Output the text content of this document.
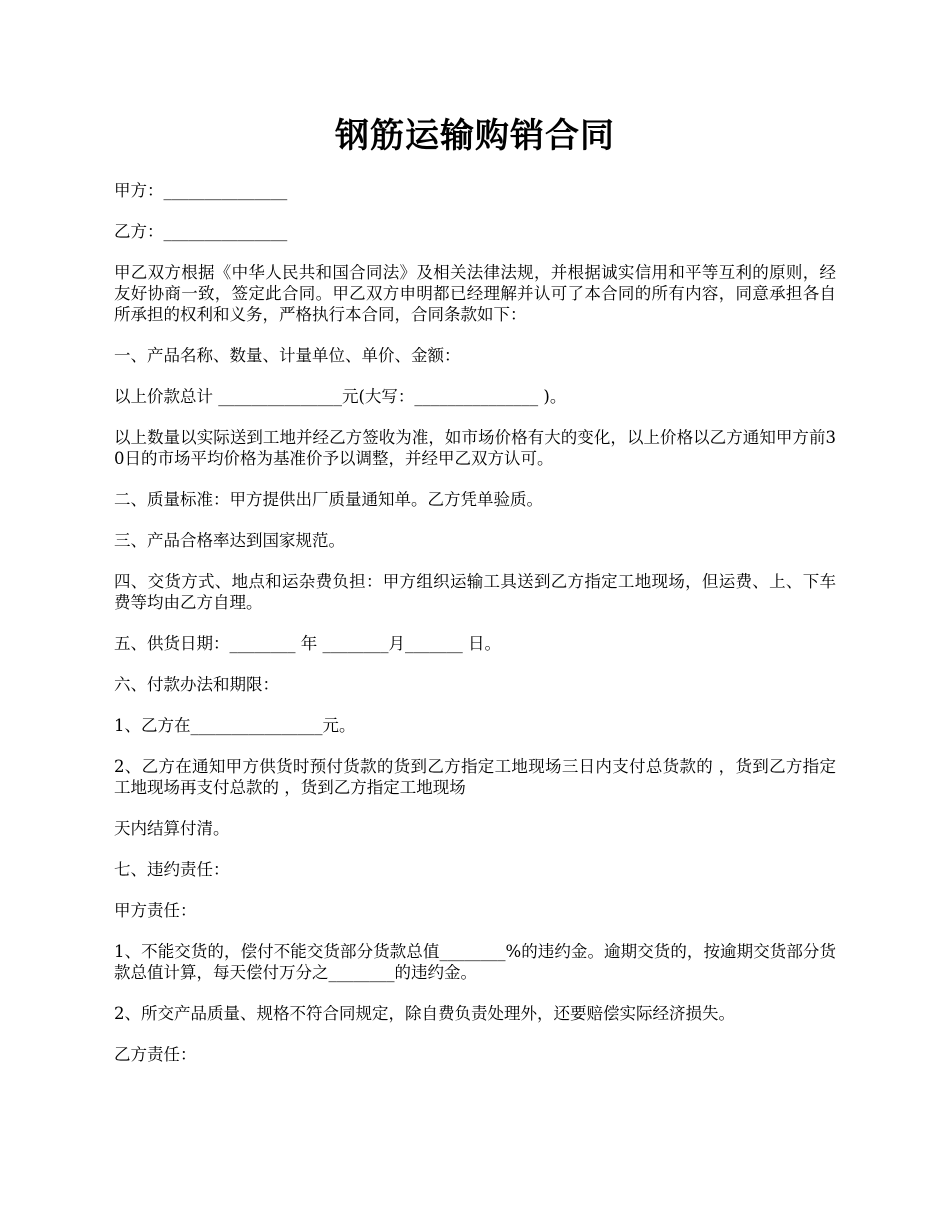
钢筋运输购销合同

甲方：_______________

乙方：_______________

甲乙双方根据《中华人民共和国合同法》及相关法律法规，并根据诚实信用和平等互利的原则，经友好协商一致，签定此合同。甲乙双方申明都已经理解并认可了本合同的所有内容，同意承担各自所承担的权利和义务，严格执行本合同，合同条款如下：

一、产品名称、数量、计量单位、单价、金额：

以上价款总计 _______________元(大写：_______________ )。

以上数量以实际送到工地并经乙方签收为准，如市场价格有大的变化，以上价格以乙方通知甲方前30日的市场平均价格为基准价予以调整，并经甲乙双方认可。

二、质量标准：甲方提供出厂质量通知单。乙方凭单验质。

三、产品合格率达到国家规范。

四、交货方式、地点和运杂费负担：甲方组织运输工具送到乙方指定工地现场，但运费、上、下车费等均由乙方自理。

五、供货日期：________ 年 ________月_______ 日。

六、付款办法和期限：

1、乙方在________________元。

2、乙方在通知甲方供货时预付货款的货到乙方指定工地现场三日内支付总货款的 ，货到乙方指定工地现场再支付总款的 ，货到乙方指定工地现场

天内结算付清。

七、违约责任：

甲方责任：

1、不能交货的，偿付不能交货部分货款总值________%的违约金。逾期交货的，按逾期交货部分货款总值计算，每天偿付万分之________的违约金。

2、所交产品质量、规格不符合同规定，除自费负责处理外，还要赔偿实际经济损失。

乙方责任：
